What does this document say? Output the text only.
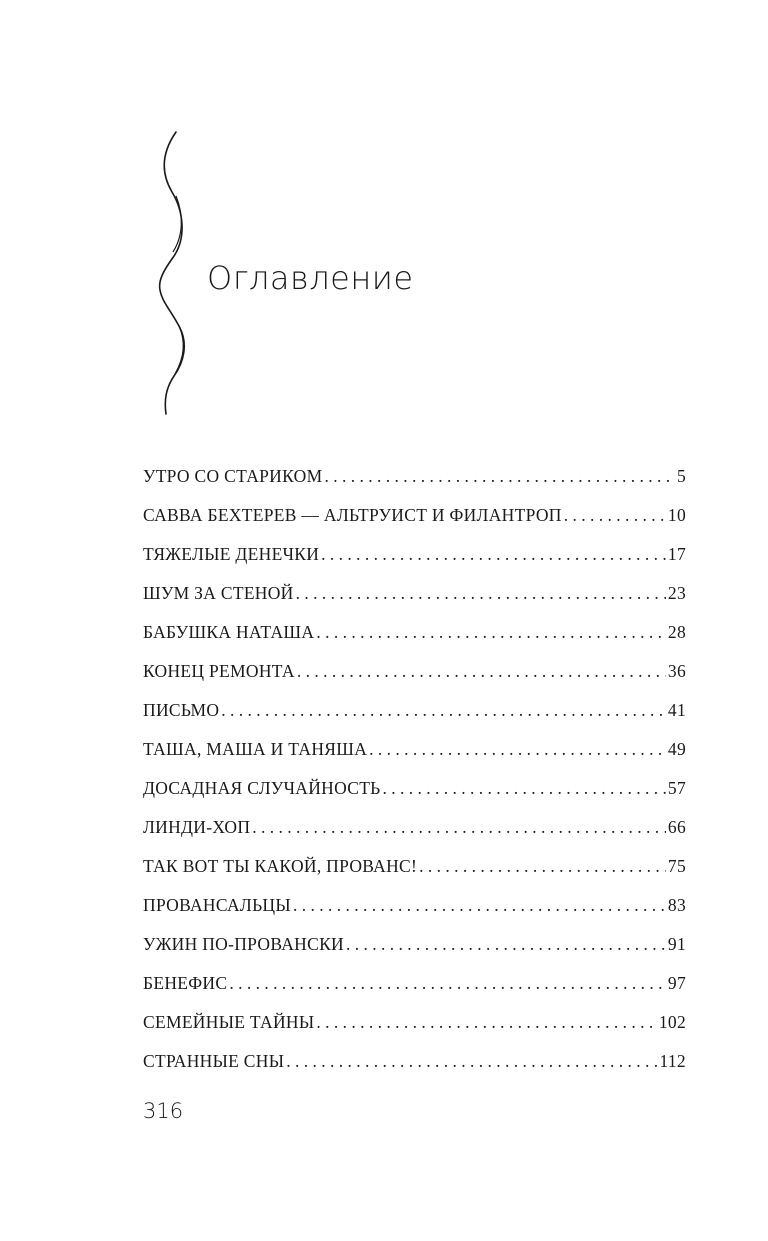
Оглавление
УТРО СО СТАРИКОМ . . .	5
САВВА БЕХТЕРЕВ — АЛЬТРУИСТ И ФИЛАНТРОП . . .	10
ТЯЖЕЛЫЕ ДЕНЕЧКИ . . .	17
ШУМ ЗА СТЕНОЙ . . .	23
БАБУШКА НАТАША . . .	28
КОНЕЦ РЕМОНТА . . .	36
ПИСЬМО . . .	41
ТАША, МАША И ТАНЯША . . .	49
ДОСАДНАЯ СЛУЧАЙНОСТЬ . . .	57
ЛИНДИ-ХОП . . .	66
ТАК ВОТ ТЫ КАКОЙ, ПРОВАНС! . . .	75
ПРОВАНСАЛЬЦЫ . . .	83
УЖИН ПО-ПРОВАНСКИ . . .	91
БЕНЕФИС . . .	97
СЕМЕЙНЫЕ ТАЙНЫ . . .	102
СТРАННЫЕ СНЫ . . .	112
316
